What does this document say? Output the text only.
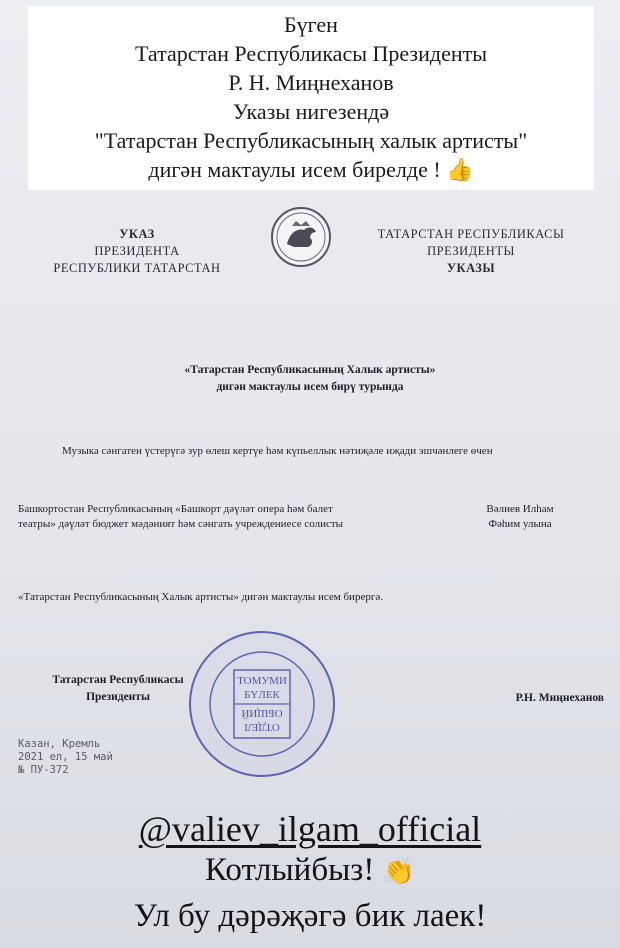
Бүген
Татарстан Республикасы Президенты
Р. Н. Миңнеханов
Указы нигезендә
"Татарстан Республикасының халык артисты"
дигән мактаулы исем бирелде ! 👍
УКАЗ
ПРЕЗИДЕНТА
РЕСПУБЛИКИ ТАТАРСТАН
ТАТАРСТАН РЕСПУБЛИКАСЫ
ПРЕЗИДЕНТЫ
УКАЗЫ
«Татарстан Республикасының Халык артисты»
дигән мактаулы исем бирү турында
Музыка сәнгатен үстерүгә зур өлеш кертүе һәм күпьеллык нәтиҗәле иҗади эшчәнлеге өчен
Башкортостан Республикасының «Башкорт дәүләт опера һәм балет театры» дәүләт бюджет мәдәният һәм сәнгать учреждениесе солисты
Вәлиев Илһам
Фәһим улына
«Татарстан Республикасының Халык артисты» дигән мактаулы исем бирергә.
Татарстан Республикасы
Президенты
ТОМУМИ
БҮЛЕК
ОБЩИЙ
ОТДЕЛ
Р.Н. Миңнеханов
Казан, Кремль
2021 ел, 15 май
№ ПУ-372
@valiev_ilgam_official
Котлыйбыз! 👏
Ул бу дәрәҗәгә бик лаек!
